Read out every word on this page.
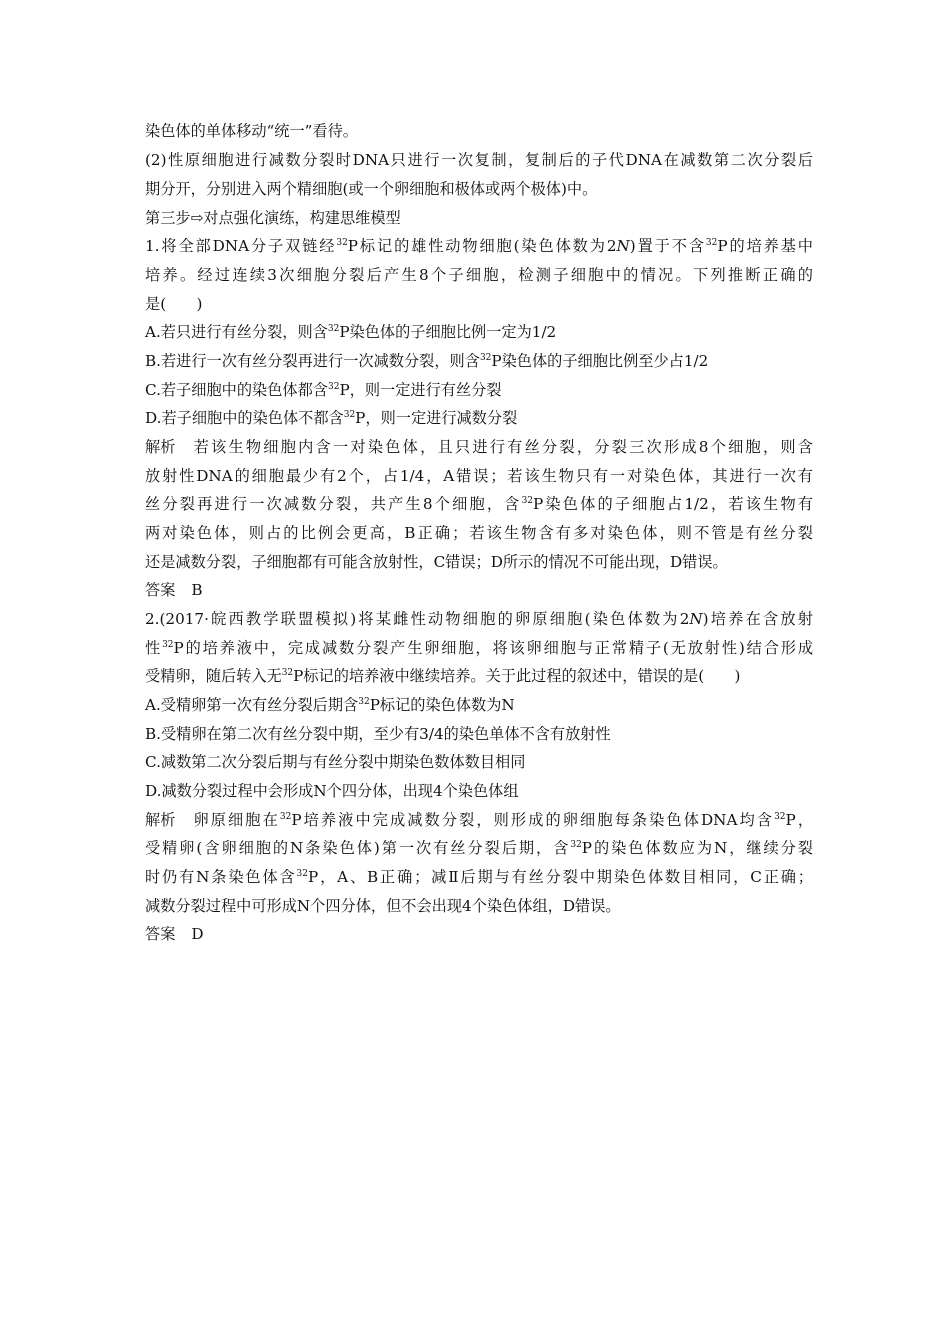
染色体的单体移动“统一”看待。
(2)性原细胞进行减数分裂时DNA只进行一次复制，复制后的子代DNA在减数第二次分裂后
期分开，分别进入两个精细胞(或一个卵细胞和极体或两个极体)中。
第三步⇨对点强化演练，构建思维模型
1.将全部DNA分子双链经$^{32}$P标记的雄性动物细胞(染色体数为2N)置于不含$^{32}$P的培养基中
培养。经过连续3次细胞分裂后产生8个子细胞，检测子细胞中的情况。下列推断正确的
是(　　)
A.若只进行有丝分裂，则含$^{32}$P染色体的子细胞比例一定为1/2
B.若进行一次有丝分裂再进行一次减数分裂，则含$^{32}$P染色体的子细胞比例至少占1/2
C.若子细胞中的染色体都含$^{32}$P，则一定进行有丝分裂
D.若子细胞中的染色体不都含$^{32}$P，则一定进行减数分裂
解析 若该生物细胞内含一对染色体，且只进行有丝分裂，分裂三次形成8个细胞，则含
放射性DNA的细胞最少有2个，占1/4，A错误；若该生物只有一对染色体，其进行一次有
丝分裂再进行一次减数分裂，共产生8个细胞，含$^{32}$P染色体的子细胞占1/2，若该生物有
两对染色体，则占的比例会更高，B正确；若该生物含有多对染色体，则不管是有丝分裂
还是减数分裂，子细胞都有可能含放射性，C错误；D所示的情况不可能出现，D错误。
答案 B
2.(2017·皖西教学联盟模拟)将某雌性动物细胞的卵原细胞(染色体数为2N)培养在含放射
性$^{32}$P的培养液中，完成减数分裂产生卵细胞，将该卵细胞与正常精子(无放射性)结合形成
受精卵，随后转入无$^{32}$P标记的培养液中继续培养。关于此过程的叙述中，错误的是(　　)
A.受精卵第一次有丝分裂后期含$^{32}$P标记的染色体数为N
B.受精卵在第二次有丝分裂中期，至少有3/4的染色单体不含有放射性
C.减数第二次分裂后期与有丝分裂中期染色数体数目相同
D.减数分裂过程中会形成N个四分体，出现4个染色体组
解析 卵原细胞在$^{32}$P培养液中完成减数分裂，则形成的卵细胞每条染色体DNA均含$^{32}$P，
受精卵(含卵细胞的N条染色体)第一次有丝分裂后期，含$^{32}$P的染色体数应为N，继续分裂
时仍有N条染色体含$^{32}$P，A、B正确；减Ⅱ后期与有丝分裂中期染色体数目相同，C正确；
减数分裂过程中可形成N个四分体，但不会出现4个染色体组，D错误。
答案 D
